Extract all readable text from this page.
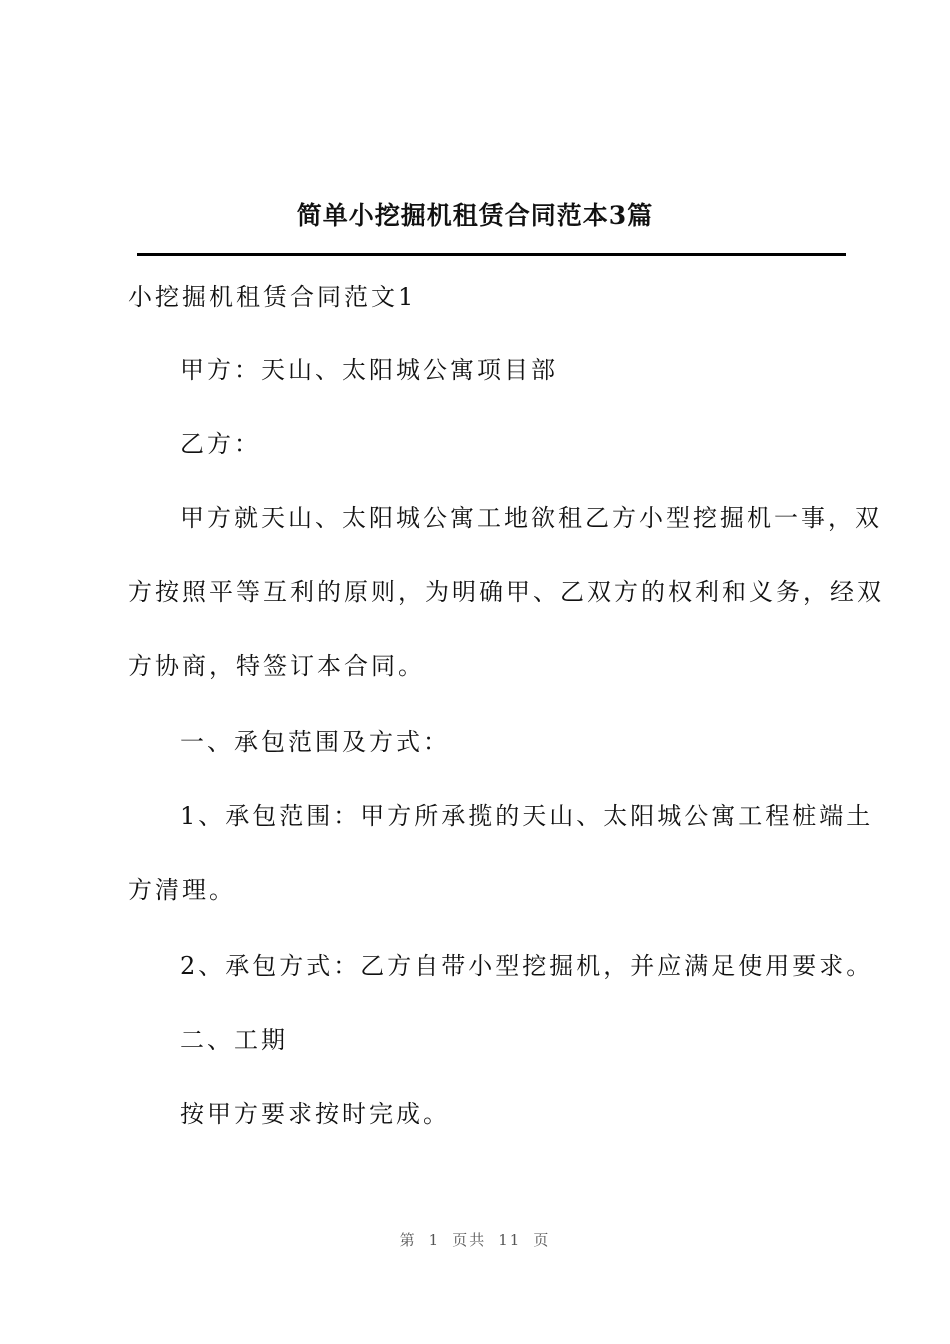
简单小挖掘机租赁合同范本3篇
小挖掘机租赁合同范文1
甲方：天山、太阳城公寓项目部
乙方：
甲方就天山、太阳城公寓工地欲租乙方小型挖掘机一事，双
方按照平等互利的原则，为明确甲、乙双方的权利和义务，经双
方协商，特签订本合同。
一、承包范围及方式：
1、承包范围：甲方所承揽的天山、太阳城公寓工程桩端土
方清理。
2、承包方式：乙方自带小型挖掘机，并应满足使用要求。
二、工期
按甲方要求按时完成。
第 1 页共 11 页
